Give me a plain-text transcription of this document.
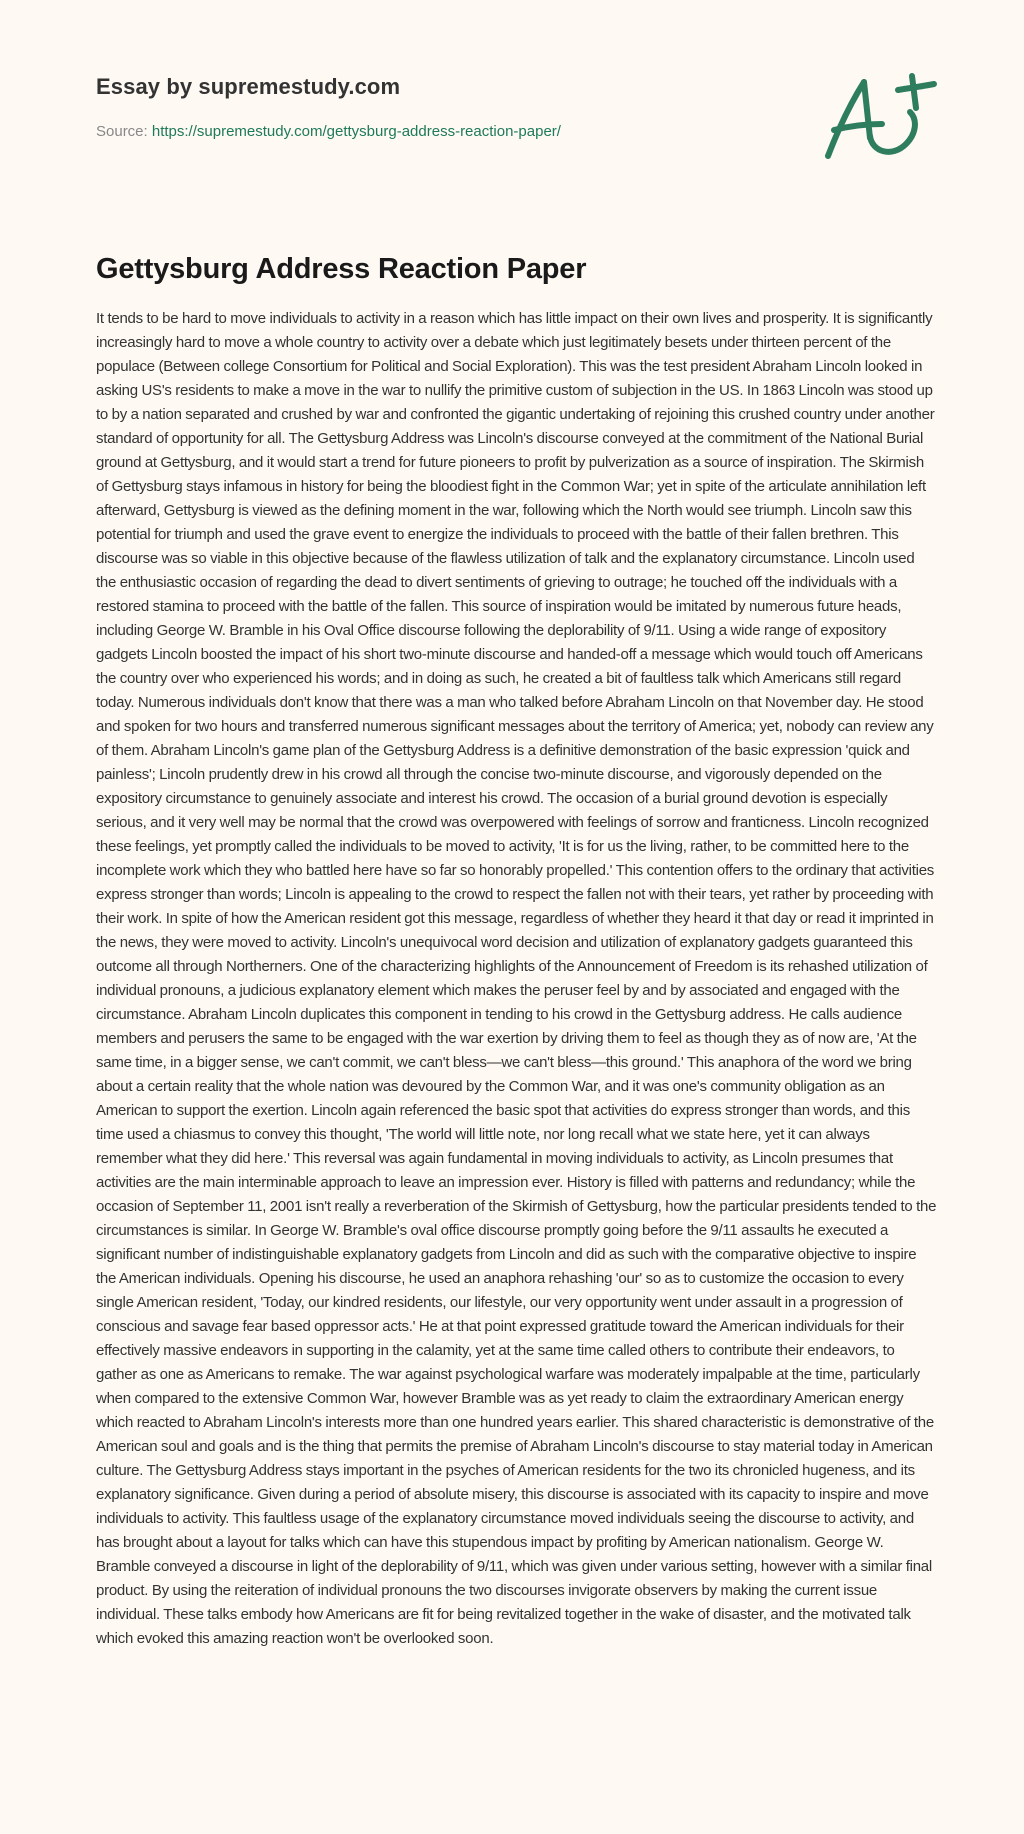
Essay by supremestudy.com
Source: https://supremestudy.com/gettysburg-address-reaction-paper/
Gettysburg Address Reaction Paper

It tends to be hard to move individuals to activity in a reason which has little impact on their own lives and prosperity. It is significantly increasingly hard to move a whole country to activity over a debate which just legitimately besets under thirteen percent of the populace (Between college Consortium for Political and Social Exploration). This was the test president Abraham Lincoln looked in asking US's residents to make a move in the war to nullify the primitive custom of subjection in the US. In 1863 Lincoln was stood up to by a nation separated and crushed by war and confronted the gigantic undertaking of rejoining this crushed country under another standard of opportunity for all. The Gettysburg Address was Lincoln's discourse conveyed at the commitment of the National Burial ground at Gettysburg, and it would start a trend for future pioneers to profit by pulverization as a source of inspiration. The Skirmish of Gettysburg stays infamous in history for being the bloodiest fight in the Common War; yet in spite of the articulate annihilation left afterward, Gettysburg is viewed as the defining moment in the war, following which the North would see triumph. Lincoln saw this potential for triumph and used the grave event to energize the individuals to proceed with the battle of their fallen brethren. This discourse was so viable in this objective because of the flawless utilization of talk and the explanatory circumstance. Lincoln used the enthusiastic occasion of regarding the dead to divert sentiments of grieving to outrage; he touched off the individuals with a restored stamina to proceed with the battle of the fallen. This source of inspiration would be imitated by numerous future heads, including George W. Bramble in his Oval Office discourse following the deplorability of 9/11. Using a wide range of expository gadgets Lincoln boosted the impact of his short two-minute discourse and handed-off a message which would touch off Americans the country over who experienced his words; and in doing as such, he created a bit of faultless talk which Americans still regard today. Numerous individuals don't know that there was a man who talked before Abraham Lincoln on that November day. He stood and spoken for two hours and transferred numerous significant messages about the territory of America; yet, nobody can review any of them. Abraham Lincoln's game plan of the Gettysburg Address is a definitive demonstration of the basic expression 'quick and painless'; Lincoln prudently drew in his crowd all through the concise two-minute discourse, and vigorously depended on the expository circumstance to genuinely associate and interest his crowd. The occasion of a burial ground devotion is especially serious, and it very well may be normal that the crowd was overpowered with feelings of sorrow and franticness. Lincoln recognized these feelings, yet promptly called the individuals to be moved to activity, 'It is for us the living, rather, to be committed here to the incomplete work which they who battled here have so far so honorably propelled.' This contention offers to the ordinary that activities express stronger than words; Lincoln is appealing to the crowd to respect the fallen not with their tears, yet rather by proceeding with their work. In spite of how the American resident got this message, regardless of whether they heard it that day or read it imprinted in the news, they were moved to activity. Lincoln's unequivocal word decision and utilization of explanatory gadgets guaranteed this outcome all through Northerners. One of the characterizing highlights of the Announcement of Freedom is its rehashed utilization of individual pronouns, a judicious explanatory element which makes the peruser feel by and by associated and engaged with the circumstance. Abraham Lincoln duplicates this component in tending to his crowd in the Gettysburg address. He calls audience members and perusers the same to be engaged with the war exertion by driving them to feel as though they as of now are, 'At the same time, in a bigger sense, we can't commit, we can't bless—we can't bless—this ground.' This anaphora of the word we bring about a certain reality that the whole nation was devoured by the Common War, and it was one's community obligation as an American to support the exertion. Lincoln again referenced the basic spot that activities do express stronger than words, and this time used a chiasmus to convey this thought, 'The world will little note, nor long recall what we state here, yet it can always remember what they did here.' This reversal was again fundamental in moving individuals to activity, as Lincoln presumes that activities are the main interminable approach to leave an impression ever. History is filled with patterns and redundancy; while the occasion of September 11, 2001 isn't really a reverberation of the Skirmish of Gettysburg, how the particular presidents tended to the circumstances is similar. In George W. Bramble's oval office discourse promptly going before the 9/11 assaults he executed a significant number of indistinguishable explanatory gadgets from Lincoln and did as such with the comparative objective to inspire the American individuals. Opening his discourse, he used an anaphora rehashing 'our' so as to customize the occasion to every single American resident, 'Today, our kindred residents, our lifestyle, our very opportunity went under assault in a progression of conscious and savage fear based oppressor acts.' He at that point expressed gratitude toward the American individuals for their effectively massive endeavors in supporting in the calamity, yet at the same time called others to contribute their endeavors, to gather as one as Americans to remake. The war against psychological warfare was moderately impalpable at the time, particularly when compared to the extensive Common War, however Bramble was as yet ready to claim the extraordinary American energy which reacted to Abraham Lincoln's interests more than one hundred years earlier. This shared characteristic is demonstrative of the American soul and goals and is the thing that permits the premise of Abraham Lincoln's discourse to stay material today in American culture. The Gettysburg Address stays important in the psyches of American residents for the two its chronicled hugeness, and its explanatory significance. Given during a period of absolute misery, this discourse is associated with its capacity to inspire and move individuals to activity. This faultless usage of the explanatory circumstance moved individuals seeing the discourse to activity, and has brought about a layout for talks which can have this stupendous impact by profiting by American nationalism. George W. Bramble conveyed a discourse in light of the deplorability of 9/11, which was given under various setting, however with a similar final product. By using the reiteration of individual pronouns the two discourses invigorate observers by making the current issue individual. These talks embody how Americans are fit for being revitalized together in the wake of disaster, and the motivated talk which evoked this amazing reaction won't be overlooked soon.
